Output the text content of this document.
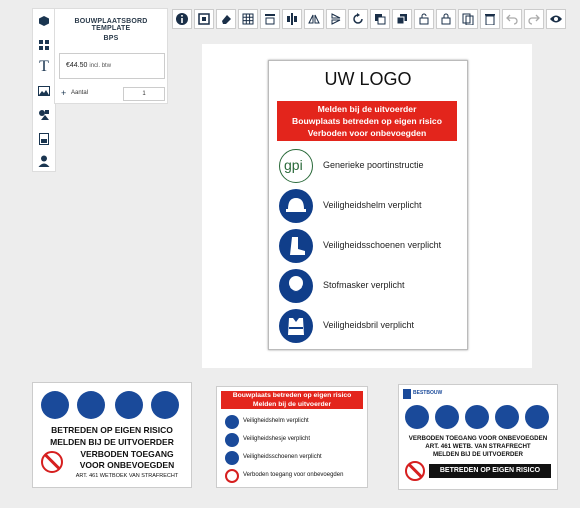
T
BOUWPLAATSBORD TEMPLATE
BPS
€44.50 incl. btw
+ Aantal	1
UW LOGO
Melden bij de uitvoerder
Bouwplaats betreden op eigen risico
Verboden voor onbevoegden
gpi Generieke poortinstructie
Veiligheidshelm verplicht
Veiligheidsschoenen verplicht
Stofmasker verplicht
Veiligheidsbril verplicht
BETREDEN OP EIGEN RISICO
MELDEN BIJ DE UITVOERDER
VERBODEN TOEGANG
VOOR ONBEVOEGDEN
ART. 461 WETBOEK VAN STRAFRECHT
Bouwplaats betreden op eigen risico
Melden bij de uitvoerder
Veiligheidshelm verplicht
Veiligheidshesje verplicht
Veiligheidsschoenen verplicht
Verboden toegang voor onbevoegden
BESTBOUW
VERBODEN TOEGANG VOOR ONBEVOEGDEN
ART. 461 WETB. VAN STRAFRECHT
MELDEN BIJ DE UITVOERDER
BETREDEN OP EIGEN RISICO
